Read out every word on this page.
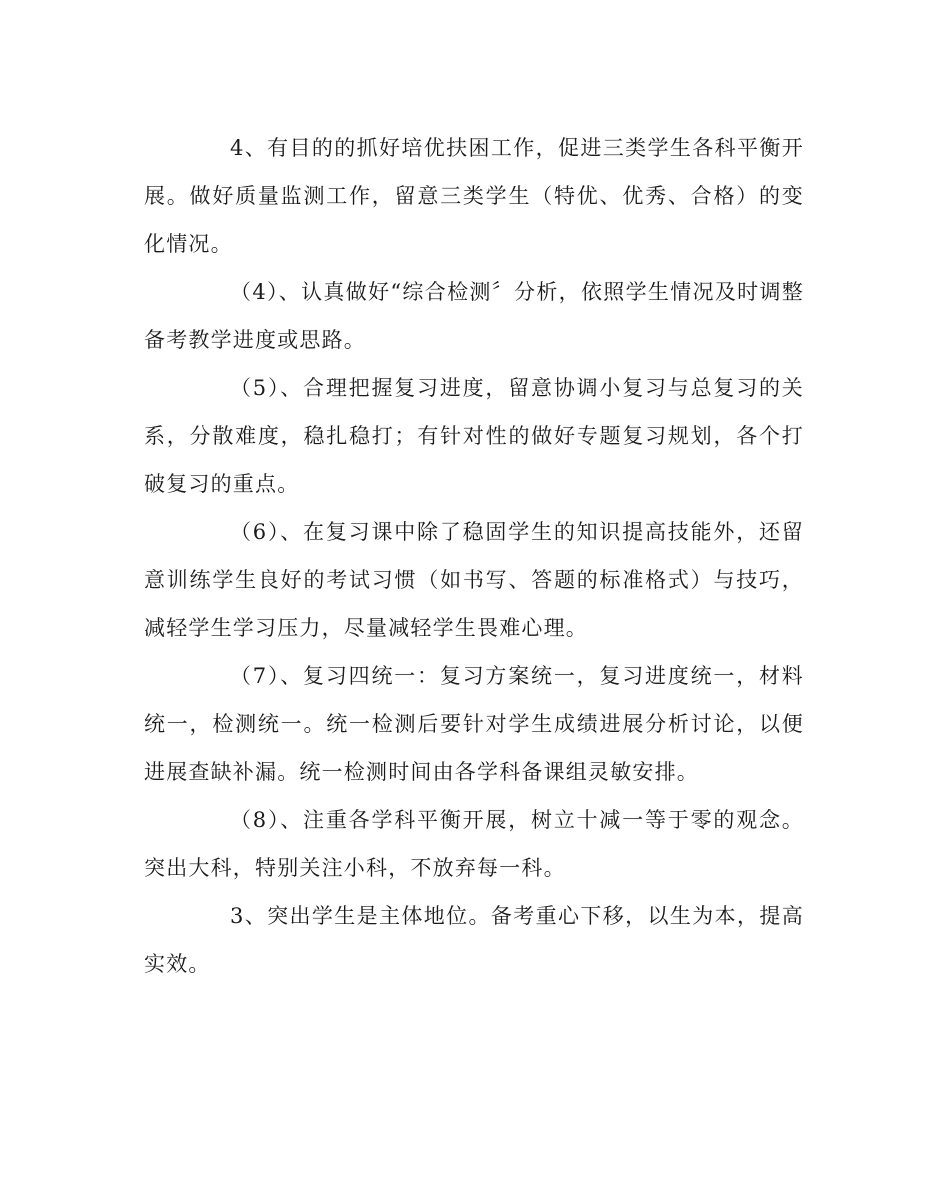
4、有目的的抓好培优扶困工作，促进三类学生各科平衡开展。做好质量监测工作，留意三类学生（特优、优秀、合格）的变化情况。

（4）、认真做好“综合检测〞分析，依照学生情况及时调整备考教学进度或思路。

（5）、合理把握复习进度，留意协调小复习与总复习的关系，分散难度，稳扎稳打；有针对性的做好专题复习规划，各个打破复习的重点。

（6）、在复习课中除了稳固学生的知识提高技能外，还留意训练学生良好的考试习惯（如书写、答题的标准格式）与技巧，减轻学生学习压力，尽量减轻学生畏难心理。

（7）、复习四统一：复习方案统一，复习进度统一，材料统一，检测统一。统一检测后要针对学生成绩进展分析讨论，以便进展查缺补漏。统一检测时间由各学科备课组灵敏安排。

（8）、注重各学科平衡开展，树立十减一等于零的观念。突出大科，特别关注小科，不放弃每一科。

3、突出学生是主体地位。备考重心下移，以生为本，提高实效。
